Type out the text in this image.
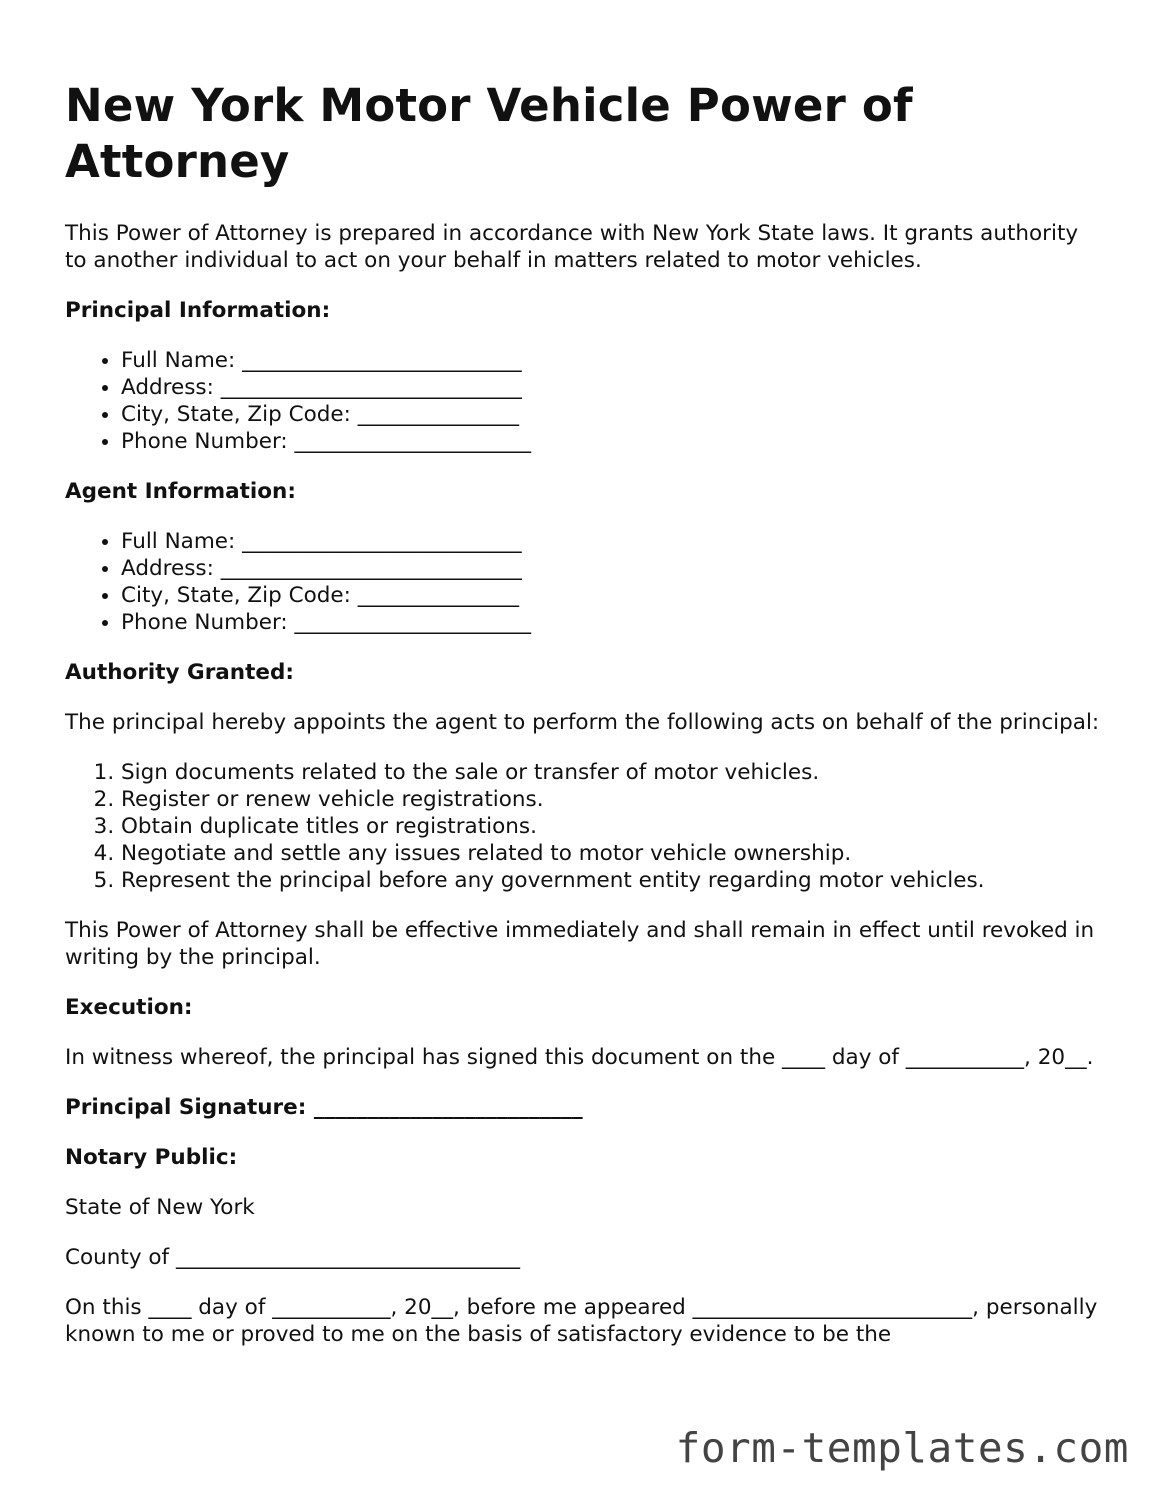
New York Motor Vehicle Power of Attorney

This Power of Attorney is prepared in accordance with New York State laws. It grants authority to another individual to act on your behalf in matters related to motor vehicles.

Principal Information:

• Full Name: __________________________
• Address: ____________________________
• City, State, Zip Code: _______________
• Phone Number: ______________________

Agent Information:

• Full Name: __________________________
• Address: ____________________________
• City, State, Zip Code: _______________
• Phone Number: ______________________

Authority Granted:

The principal hereby appoints the agent to perform the following acts on behalf of the principal:

1. Sign documents related to the sale or transfer of motor vehicles.
2. Register or renew vehicle registrations.
3. Obtain duplicate titles or registrations.
4. Negotiate and settle any issues related to motor vehicle ownership.
5. Represent the principal before any government entity regarding motor vehicles.

This Power of Attorney shall be effective immediately and shall remain in effect until revoked in writing by the principal.

Execution:

In witness whereof, the principal has signed this document on the ____ day of ___________, 20__.

Principal Signature: _________________________

Notary Public:

State of New York

County of ________________________________

On this ____ day of ___________, 20__, before me appeared __________________________, personally known to me or proved to me on the basis of satisfactory evidence to be the

form-templates.com
